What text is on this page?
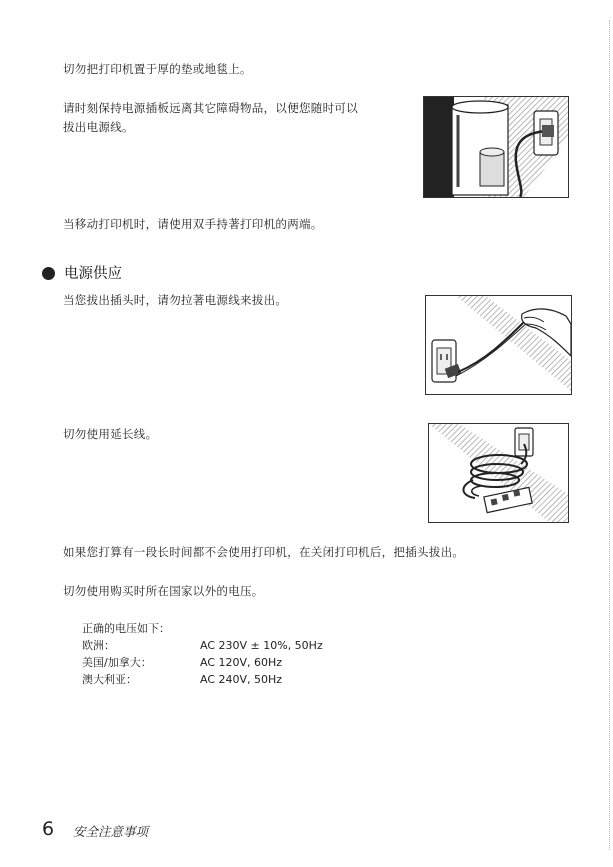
切勿把打印机置于厚的垫或地毯上。
请时刻保持电源插板远离其它障碍物品，以便您随时可以
拔出电源线。
当移动打印机时，请使用双手持著打印机的两端。
电源供应
当您拔出插头时，请勿拉著电源线来拔出。
切勿使用延长线。
如果您打算有一段长时间都不会使用打印机，在关闭打印机后，把插头拔出。
切勿使用购买时所在国家以外的电压。
正确的电压如下：
欧洲：	AC 230V ± 10%, 50Hz
美国/加拿大：	AC 120V, 60Hz
澳大利亚：	AC 240V, 50Hz
6 安全注意事项
